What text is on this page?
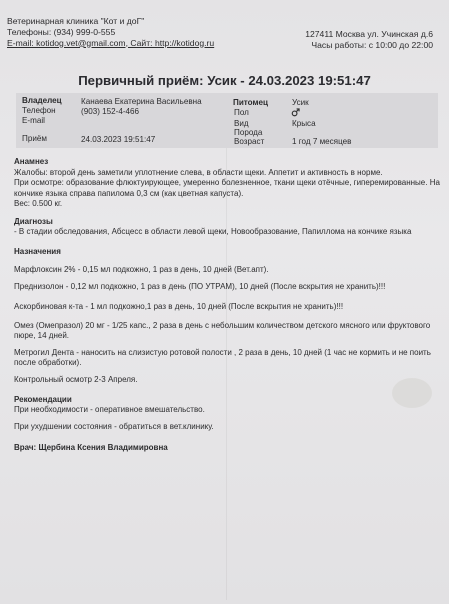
Ветеринарная клиника "Кот и доГ"
Телефоны: (934) 999-0-555
E-mail: kotidog.vet@gmail.com, Сайт: http://kotidog.ru
127411 Москва ул. Учинская д.6
Часы работы: с 10:00 до 22:00
Первичный приём: Усик - 24.03.2023 19:51:47
Владелец Канаева Екатерина Васильевна
Телефон	(903) 152-4-466
E-mail
Приём	24.03.2023 19:51:47
Питомец	Усик
Пол
Вид	Крыса
Порода
Возраст	1 год 7 месяцев
Анамнез
Жалобы: второй день заметили уплотнение слева, в области щеки. Аппетит и активность в норме.
При осмотре: образование флюктуирующее, умеренно болезненное, ткани щеки отёчные, гиперемированные. На
кончике языка справа папилома 0,3 см (как цветная капуста).
Вес: 0.500 кг.
Диагнозы
- В стадии обследования, Абсцесс в области левой щеки, Новообразование, Папиллома на кончике языка
Назначения
Марфлоксин 2% - 0,15 мл подкожно, 1 раз в день, 10 дней (Вет.апт).
Преднизолон - 0,12 мл подкожно, 1 раз в день (ПО УТРАМ), 10 дней (После вскрытия не хранить)!!!
Аскорбиновая к-та - 1 мл подкожно,1 раз в день, 10 дней (После вскрытия не хранить)!!!
Омез (Омепразол) 20 мг - 1/25 капс., 2 раза в день с небольшим количеством детского мясного или фруктового
пюре, 14 дней.
Метрогил Дента - наносить на слизистую ротовой полости , 2 раза в день, 10 дней (1 час не кормить и не поить
после обработки).
Контрольный осмотр 2-3 Апреля.
Рекомендации
При необходимости - оперативное вмешательство.
При ухудшении состояния - обратиться в вет.клинику.
Врач: Щербина Ксения Владимировна
